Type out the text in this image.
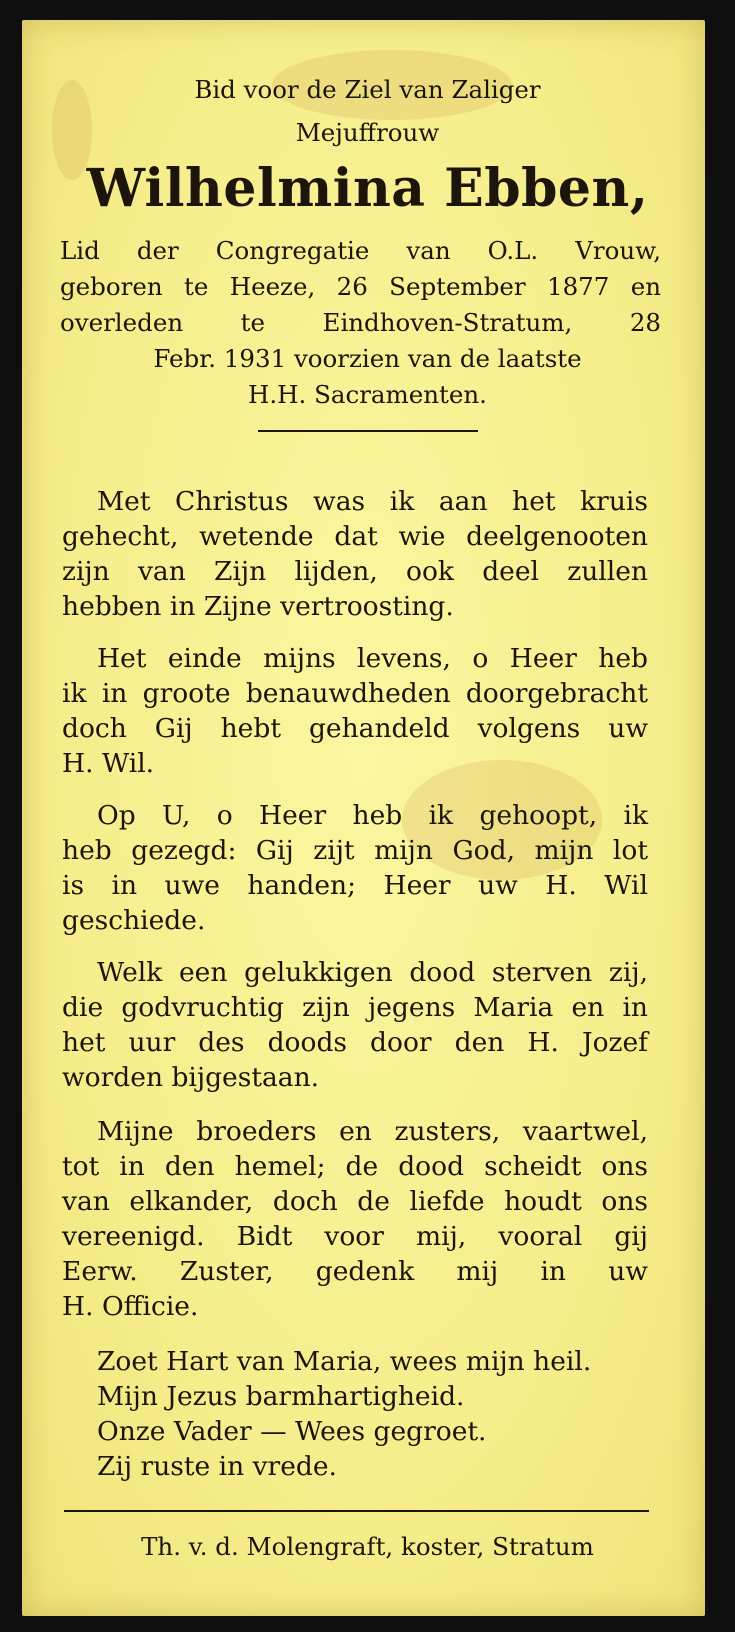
Bid voor de Ziel van Zaliger
Mejuffrouw
Wilhelmina Ebben,
Lid der Congregatie van O.L. Vrouw,
geboren te Heeze, 26 September 1877 en
overleden te Eindhoven-Stratum, 28
Febr. 1931 voorzien van de laatste
H.H. Sacramenten.
Met Christus was ik aan het kruis
gehecht, wetende dat wie deelgenooten
zijn van Zijn lijden, ook deel zullen
hebben in Zijne vertroosting.
Het einde mijns levens, o Heer heb
ik in groote benauwdheden doorgebracht
doch Gij hebt gehandeld volgens uw
H. Wil.
Op U, o Heer heb ik gehoopt, ik
heb gezegd: Gij zijt mijn God, mijn lot
is in uwe handen; Heer uw H. Wil
geschiede.
Welk een gelukkigen dood sterven zij,
die godvruchtig zijn jegens Maria en in
het uur des doods door den H. Jozef
worden bijgestaan.
Mijne broeders en zusters, vaartwel,
tot in den hemel; de dood scheidt ons
van elkander, doch de liefde houdt ons
vereenigd. Bidt voor mij, vooral gij
Eerw. Zuster, gedenk mij in uw
H. Officie.
Zoet Hart van Maria, wees mijn heil.
Mijn Jezus barmhartigheid.
Onze Vader — Wees gegroet.
Zij ruste in vrede.
Th. v. d. Molengraft, koster, Stratum
